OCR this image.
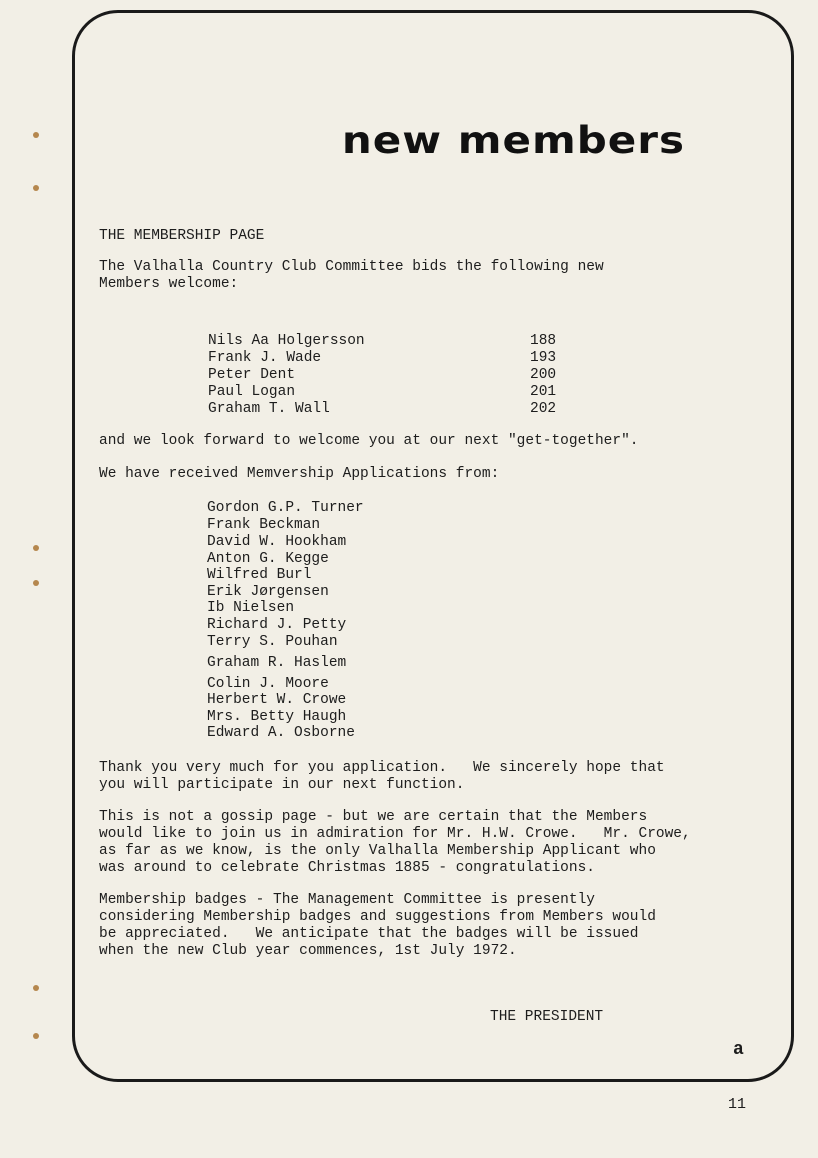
new members
THE MEMBERSHIP PAGE
The Valhalla Country Club Committee bids the following new
Members welcome:
Nils Aa Holgersson	188
Frank J. Wade	193
Peter Dent	200
Paul Logan	201
Graham T. Wall	202
and we look forward to welcome you at our next "get-together".
We have received Memvership Applications from:
Gordon G.P. Turner
Frank Beckman
David W. Hookham
Anton G. Kegge
Wilfred Burl
Erik Jørgensen
Ib Nielsen
Richard J. Petty
Terry S. Pouhan
Graham R. Haslem
Colin J. Moore
Herbert W. Crowe
Mrs. Betty Haugh
Edward A. Osborne
Thank you very much for you application.   We sincerely hope that
you will participate in our next function.
This is not a gossip page - but we are certain that the Members
would like to join us in admiration for Mr. H.W. Crowe.   Mr. Crowe,
as far as we know, is the only Valhalla Membership Applicant who
was around to celebrate Christmas 1885 - congratulations.
Membership badges - The Management Committee is presently
considering Membership badges and suggestions from Members would
be appreciated.   We anticipate that the badges will be issued
when the new Club year commences, 1st July 1972.
THE PRESIDENT
a
11
